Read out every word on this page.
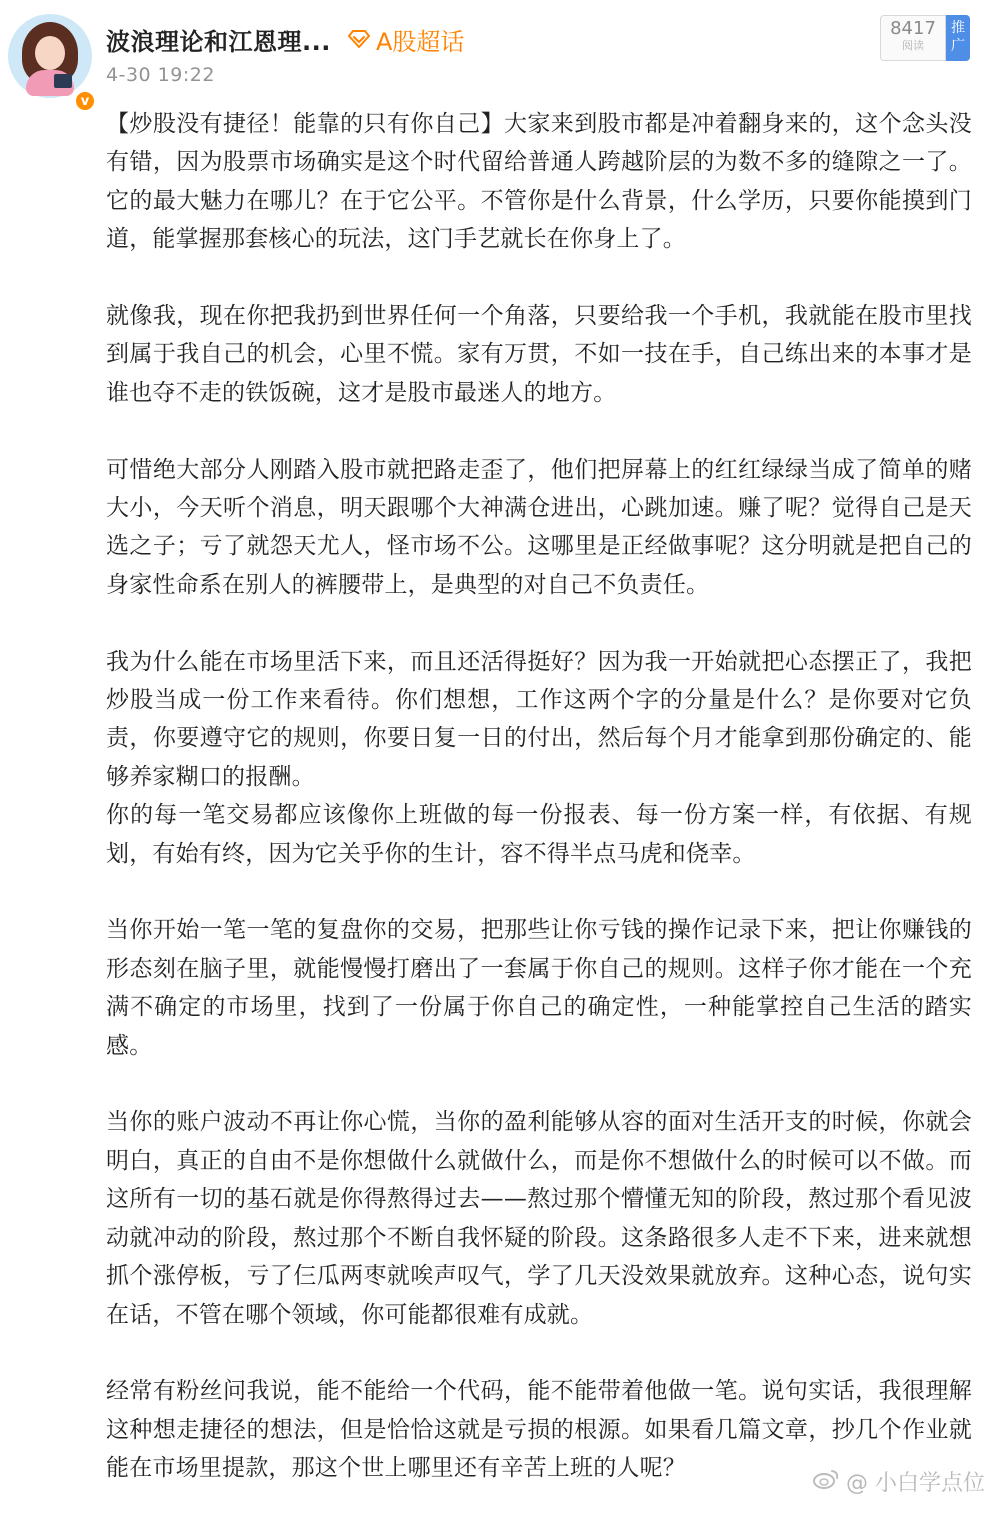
v
波浪理论和江恩理... A股超话
4-30 19:22
8417
阅读
推广

【炒股没有捷径！能靠的只有你自己】大家来到股市都是冲着翻身来的，这个念头没有错，因为股票市场确实是这个时代留给普通人跨越阶层的为数不多的缝隙之一了。它的最大魅力在哪儿？在于它公平。不管你是什么背景，什么学历，只要你能摸到门道，能掌握那套核心的玩法，这门手艺就长在你身上了。

就像我，现在你把我扔到世界任何一个角落，只要给我一个手机，我就能在股市里找到属于我自己的机会，心里不慌。家有万贯，不如一技在手，自己练出来的本事才是谁也夺不走的铁饭碗，这才是股市最迷人的地方。

可惜绝大部分人刚踏入股市就把路走歪了，他们把屏幕上的红红绿绿当成了简单的赌大小，今天听个消息，明天跟哪个大神满仓进出，心跳加速。赚了呢？觉得自己是天选之子；亏了就怨天尤人，怪市场不公。这哪里是正经做事呢？这分明就是把自己的身家性命系在别人的裤腰带上，是典型的对自己不负责任。

我为什么能在市场里活下来，而且还活得挺好？因为我一开始就把心态摆正了，我把炒股当成一份工作来看待。你们想想，工作这两个字的分量是什么？是你要对它负责，你要遵守它的规则，你要日复一日的付出，然后每个月才能拿到那份确定的、能够养家糊口的报酬。

你的每一笔交易都应该像你上班做的每一份报表、每一份方案一样，有依据、有规划，有始有终，因为它关乎你的生计，容不得半点马虎和侥幸。

当你开始一笔一笔的复盘你的交易，把那些让你亏钱的操作记录下来，把让你赚钱的形态刻在脑子里，就能慢慢打磨出了一套属于你自己的规则。这样子你才能在一个充满不确定的市场里，找到了一份属于你自己的确定性，一种能掌控自己生活的踏实感。

当你的账户波动不再让你心慌，当你的盈利能够从容的面对生活开支的时候，你就会明白，真正的自由不是你想做什么就做什么，而是你不想做什么的时候可以不做。而这所有一切的基石就是你得熬得过去——熬过那个懵懂无知的阶段，熬过那个看见波动就冲动的阶段，熬过那个不断自我怀疑的阶段。这条路很多人走不下来，进来就想抓个涨停板，亏了仨瓜两枣就唉声叹气，学了几天没效果就放弃。这种心态，说句实在话，不管在哪个领域，你可能都很难有成就。

经常有粉丝问我说，能不能给一个代码，能不能带着他做一笔。说句实话，我很理解这种想走捷径的想法，但是恰恰这就是亏损的根源。如果看几篇文章，抄几个作业就能在市场里提款，那这个世上哪里还有辛苦上班的人呢？

@ 小白学点位
